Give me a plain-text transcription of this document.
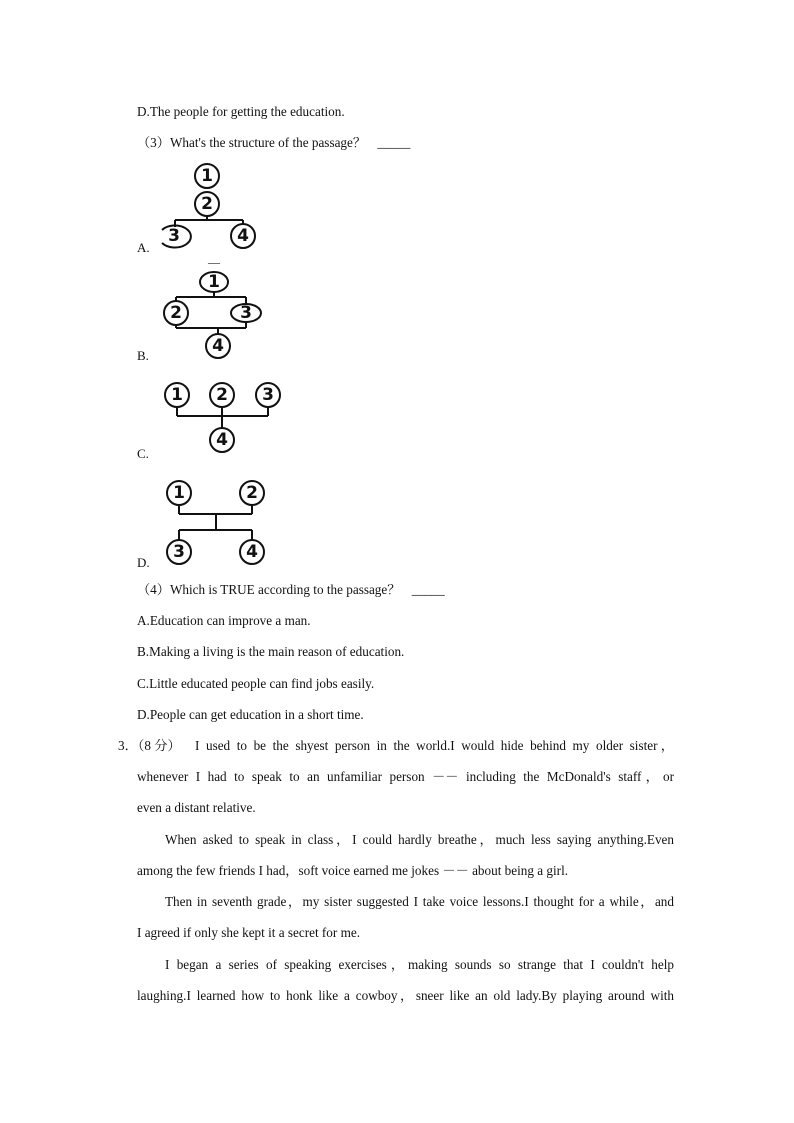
D.The people for getting the education.
（3）What's the structure of the passage？ _____
A.
1
2
3	4
—
B.
1
2	3
4
C.
1 2 3
4
D.
1	2
3	4
（4）Which is TRUE according to the passage？ _____
A.Education can improve a man.
B.Making a living is the main reason of education.
C.Little educated people can find jobs easily.
D.People can get education in a short time.
3．（8 分） I used to be the shyest person in the world.I would hide behind my older sister，
whenever I had to speak to an unfamiliar person －－ including the McDonald's staff，or
even a distant relative.
When asked to speak in class，I could hardly breathe，much less saying anything.Even
among the few friends I had，soft voice earned me jokes －－ about being a girl.
Then in seventh grade，my sister suggested I take voice lessons.I thought for a while，and
I agreed if only she kept it a secret for me.
I began a series of speaking exercises，making sounds so strange that I couldn't help
laughing.I learned how to honk like a cowboy，sneer like an old lady.By playing around with
